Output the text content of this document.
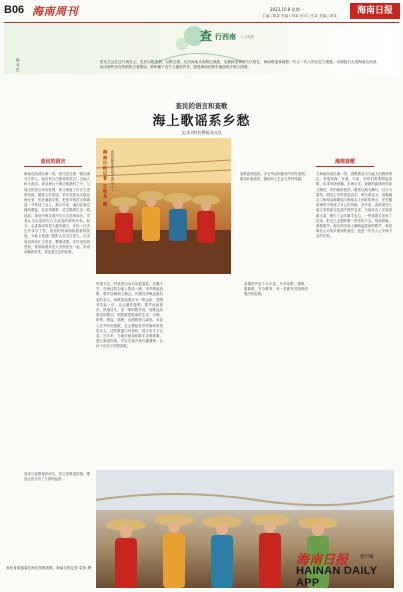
B06 海南周刊	2023.10.8 星期一
主编 | 陈某 责编 | 林某 校对 | 张某 美编 | 黄某	海南日报
查 行西南 人文风物
编
者
按
世代生活在这片海岛上，先民以歌传情，以歌记事。从田间地头到海边渔港，从婚嫁喜事到节庆祭礼，海南歌谣承载着一代又一代人的记忆与情感。本期我们走进海南岛西部，探寻那些仍在传唱的古老歌谣，聆听属于这片土地的声音，感受海南民歌中流淌的乡愁与深情。
查民的语言和查歌
海上歌谣系乡愁
文/本刊特约撰稿 陈光良
查民的语言	海南查歌
海南岛西部沿海一带，世代居住着一群以海为生的人。他们有自己独特的语言，当地人称为查话。查话流行于海边的渔村之中，与周边的语言均有差别，却又保留了许多古老的音韵。据老人们讲述，早年先民从大陆沿海迁来，在此落地生根，把家乡的语言和歌谣一并带到了岛上。数百年来，他们在海边捕鱼晒盐，在田里耕种，语言随着生活一同延续。查话中保存着许多古汉语的读音，学者认为这是研究方言演变的珍贵材料。如今，会讲查话的老人越来越少，年轻一代多在外求学工作，查话的传承面临着新的挑战。当地文化部门组织人员走访老人，记录查话的词汇与发音，整理成册。在村里的祠堂前，常常能看到老人们围坐在一起，用查话聊着家常，讲述着过去的故事。
查话与查歌相伴而生，语言是歌谣的根，歌谣让语言有了生命的温度。
海南日报记者 王程龙 摄 查民的歌谣传唱于海岛之上	查歌旋律悠扬，多在劳动间隙和节庆时演唱，歌词朴素真挚，描绘海上生活与乡村风貌。
每逢节庆，村里的妇女们身着盛装，头戴斗笠，在海边的空地上围成一圈，齐声唱起查歌。歌声从海面上飘过，仿佛在呼唤远航归来的亲人。查歌的曲调多为一唱众和，领唱者先起一句，众人随后接唱，歌声此起彼伏，热闹非凡。老一辈的歌手说，查歌没有固定的歌词，唱的都是眼前的生活：出海、织网、晒盐、插秧，也唱相思与离别。年轻人在外听到查歌，总会想起家乡的海和家里的亲人。这些歌谣口耳相传，很少有文字记录。近年来，当地开始组织歌手录制查歌，建立歌谣档案，并在学校开设兴趣课程，让孩子们从小学唱查歌。
查歌的内容十分丰富，有劳动歌、情歌、婚嫁歌、节令歌等，每一类都有其独特的唱法和腔调。
在海南西部沿海一带，查歌被视为当地人的精神寄托。每逢祭海、开渔、丰收，村民们都要唱起查歌，祈求风调雨顺、出海平安。查歌的曲调有的高亢嘹亮，有的婉转低回，歌者以海为舞台，以天为幕布，唱出心中的喜怒哀乐。研究者认为，查歌融合了闽粤沿海歌谣与海南本土民歌的特点，在长期的流传中形成了自己的风格。近年来，查歌被列入地方非物质文化遗产保护名录，当地举办了多届查歌大赛，吸引了众多歌手参与。一些老歌手还收了徒弟，把自己会唱的歌一首首传下去。每到傍晚，渔船靠岸，海边的空地上便响起悠扬的歌声，那是海岛人对故乡最深的眷恋，也是一代代人心中抹不去的乡愁。
查民身着盛装在海边传唱查歌。海南日报记者 袁琛 摄	海南日报	客户端
HAINAN DAILY APP
